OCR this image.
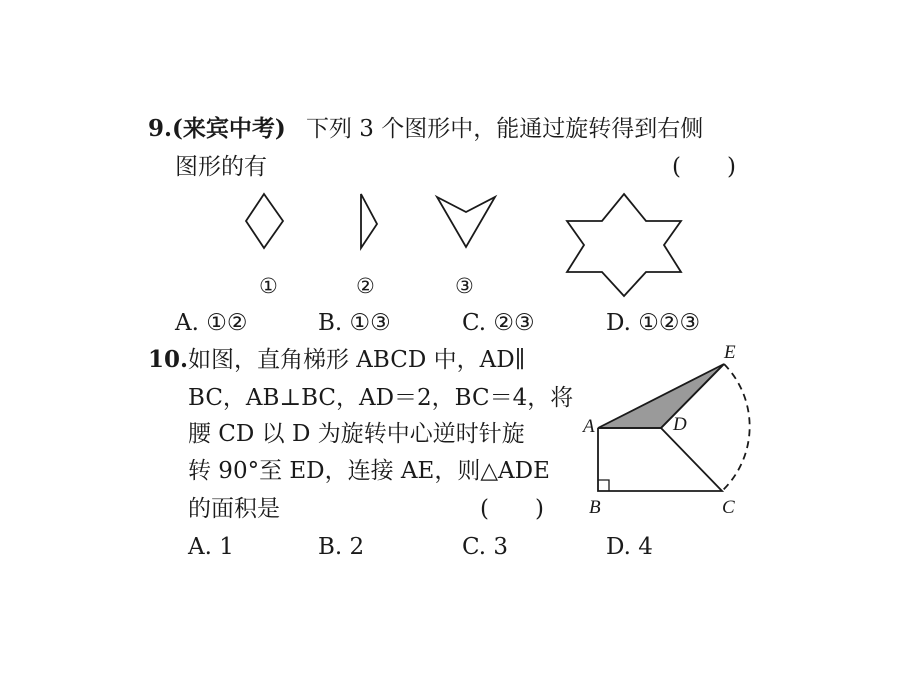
9. (来宾中考) 下列 3 个图形中，能通过旋转得到右侧
图形的有	(　　)
①	②	③
A. ①②	B. ①③	C. ②③	D. ①②③
10. 如图，直角梯形 ABCD 中，AD∥
BC，AB⊥BC，AD＝2，BC＝4，将
腰 CD 以 D 为旋转中心逆时针旋
转 90°至 ED，连接 AE，则△ADE
的面积是	(　　)
A
B	C
D
E
A. 1	B. 2	C. 3	D. 4
